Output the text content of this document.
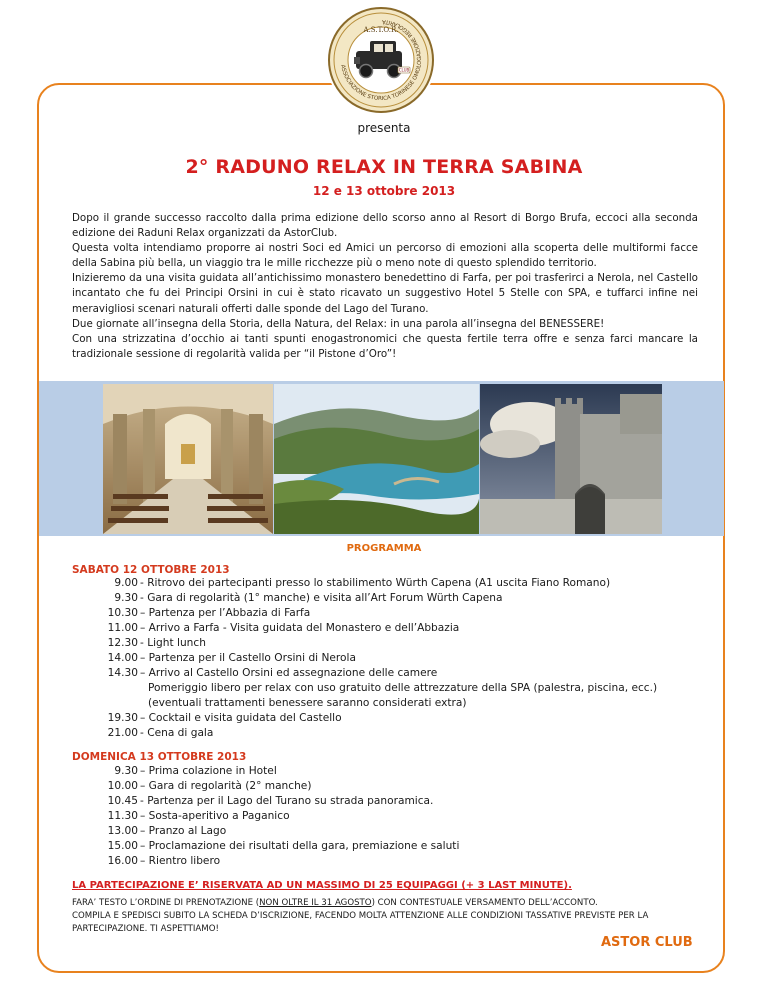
ASSOCIAZIONE STORICA TORINESE OMOLOGAZIONE REGOLARITÀ
A.S.T.O.R.
CLUB
presenta
2° RADUNO RELAX IN TERRA SABINA
12 e 13 ottobre 2013

Dopo il grande successo raccolto dalla prima edizione dello scorso anno al Resort di Borgo Brufa, eccoci alla seconda edizione dei Raduni Relax organizzati da AstorClub.

Questa volta intendiamo proporre ai nostri Soci ed Amici un percorso di emozioni alla scoperta delle multiformi facce della Sabina più bella, un viaggio tra le mille ricchezze più o meno note di questo splendido territorio.

Inizieremo da una visita guidata all’antichissimo monastero benedettino di Farfa, per poi trasferirci a Nerola, nel Castello incantato che fu dei Principi Orsini in cui è stato ricavato un suggestivo Hotel 5 Stelle con SPA, e tuffarci infine nei meravigliosi scenari naturali offerti dalle sponde del Lago del Turano.

Due giornate all’insegna della Storia, della Natura, del Relax: in una parola all’insegna del BENESSERE!

Con una strizzatina d’occhio ai tanti spunti enogastronomici che questa fertile terra offre e senza farci mancare la tradizionale sessione di regolarità valida per “il Pistone d’Oro”!

PROGRAMMA
SABATO 12 OTTOBRE 2013
9.00 - Ritrovo dei partecipanti presso lo stabilimento Würth Capena (A1 uscita Fiano Romano)
9.30 - Gara di regolarità (1° manche) e visita all’Art Forum Würth Capena
10.30 – Partenza per l’Abbazia di Farfa
11.00 – Arrivo a Farfa - Visita guidata del Monastero e dell’Abbazia
12.30 - Light lunch
14.00 – Partenza per il Castello Orsini di Nerola
14.30 – Arrivo al Castello Orsini ed assegnazione delle camere
Pomeriggio libero per relax con uso gratuito delle attrezzature della SPA (palestra, piscina, ecc.)
(eventuali trattamenti benessere saranno considerati extra)
19.30 – Cocktail e visita guidata del Castello
21.00 - Cena di gala
DOMENICA 13 OTTOBRE 2013
9.30 – Prima colazione in Hotel
10.00 – Gara di regolarità (2° manche)
10.45 - Partenza per il Lago del Turano su strada panoramica.
11.30 – Sosta-aperitivo a Paganico
13.00 – Pranzo al Lago
15.00 – Proclamazione dei risultati della gara, premiazione e saluti
16.00 – Rientro libero
LA PARTECIPAZIONE E’ RISERVATA AD UN MASSIMO DI 25 EQUIPAGGI (+ 3 LAST MINUTE).
FARA’ TESTO L’ORDINE DI PRENOTAZIONE (NON OLTRE IL 31 AGOSTO) CON CONTESTUALE VERSAMENTO DELL’ACCONTO.
COMPILA E SPEDISCI SUBITO LA SCHEDA D’ISCRIZIONE, FACENDO MOLTA ATTENZIONE ALLE CONDIZIONI TASSATIVE PREVISTE PER LA PARTECIPAZIONE. TI ASPETTIAMO!
ASTOR CLUB
